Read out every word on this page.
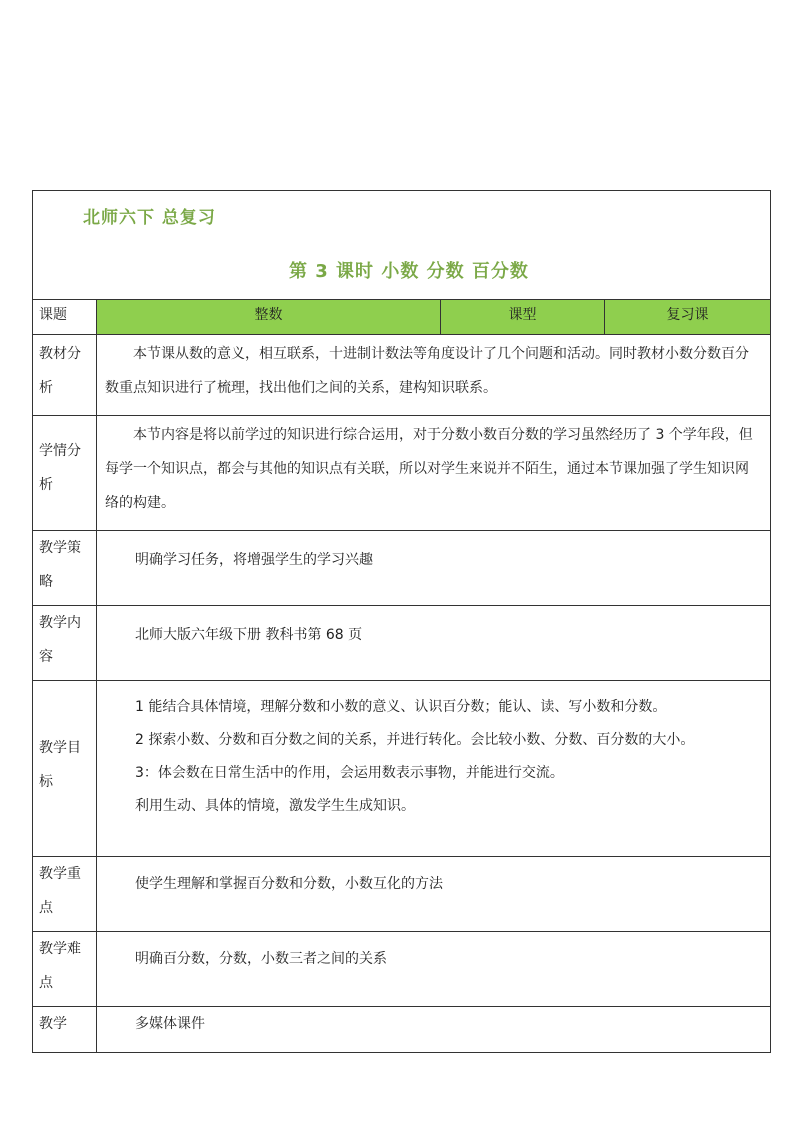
北师六下 总复习
第 3 课时 小数 分数 百分数			

课题	整数	课型	复习课
教材分析	本节课从数的意义，相互联系，十进制计数法等角度设计了几个问题和活动。同时教材小数分数百分数重点知识进行了梳理，找出他们之间的关系，建构知识联系。		
学情分析	本节内容是将以前学过的知识进行综合运用，对于分数小数百分数的学习虽然经历了 3 个学年段，但每学一个知识点，都会与其他的知识点有关联，所以对学生来说并不陌生，通过本节课加强了学生知识网络的构建。		
教学策略	明确学习任务，将增强学生的学习兴趣		
教学内容	北师大版六年级下册 教科书第 68 页		
教学目标	1 能结合具体情境，理解分数和小数的意义、认识百分数；能认、读、写小数和分数。
2 探索小数、分数和百分数之间的关系，并进行转化。会比较小数、分数、百分数的大小。
3：体会数在日常生活中的作用，会运用数表示事物，并能进行交流。
利用生动、具体的情境，激发学生生成知识。		

教学重点	使学生理解和掌握百分数和分数，小数互化的方法		
教学难点	明确百分数，分数，小数三者之间的关系		
教学	多媒体课件		
